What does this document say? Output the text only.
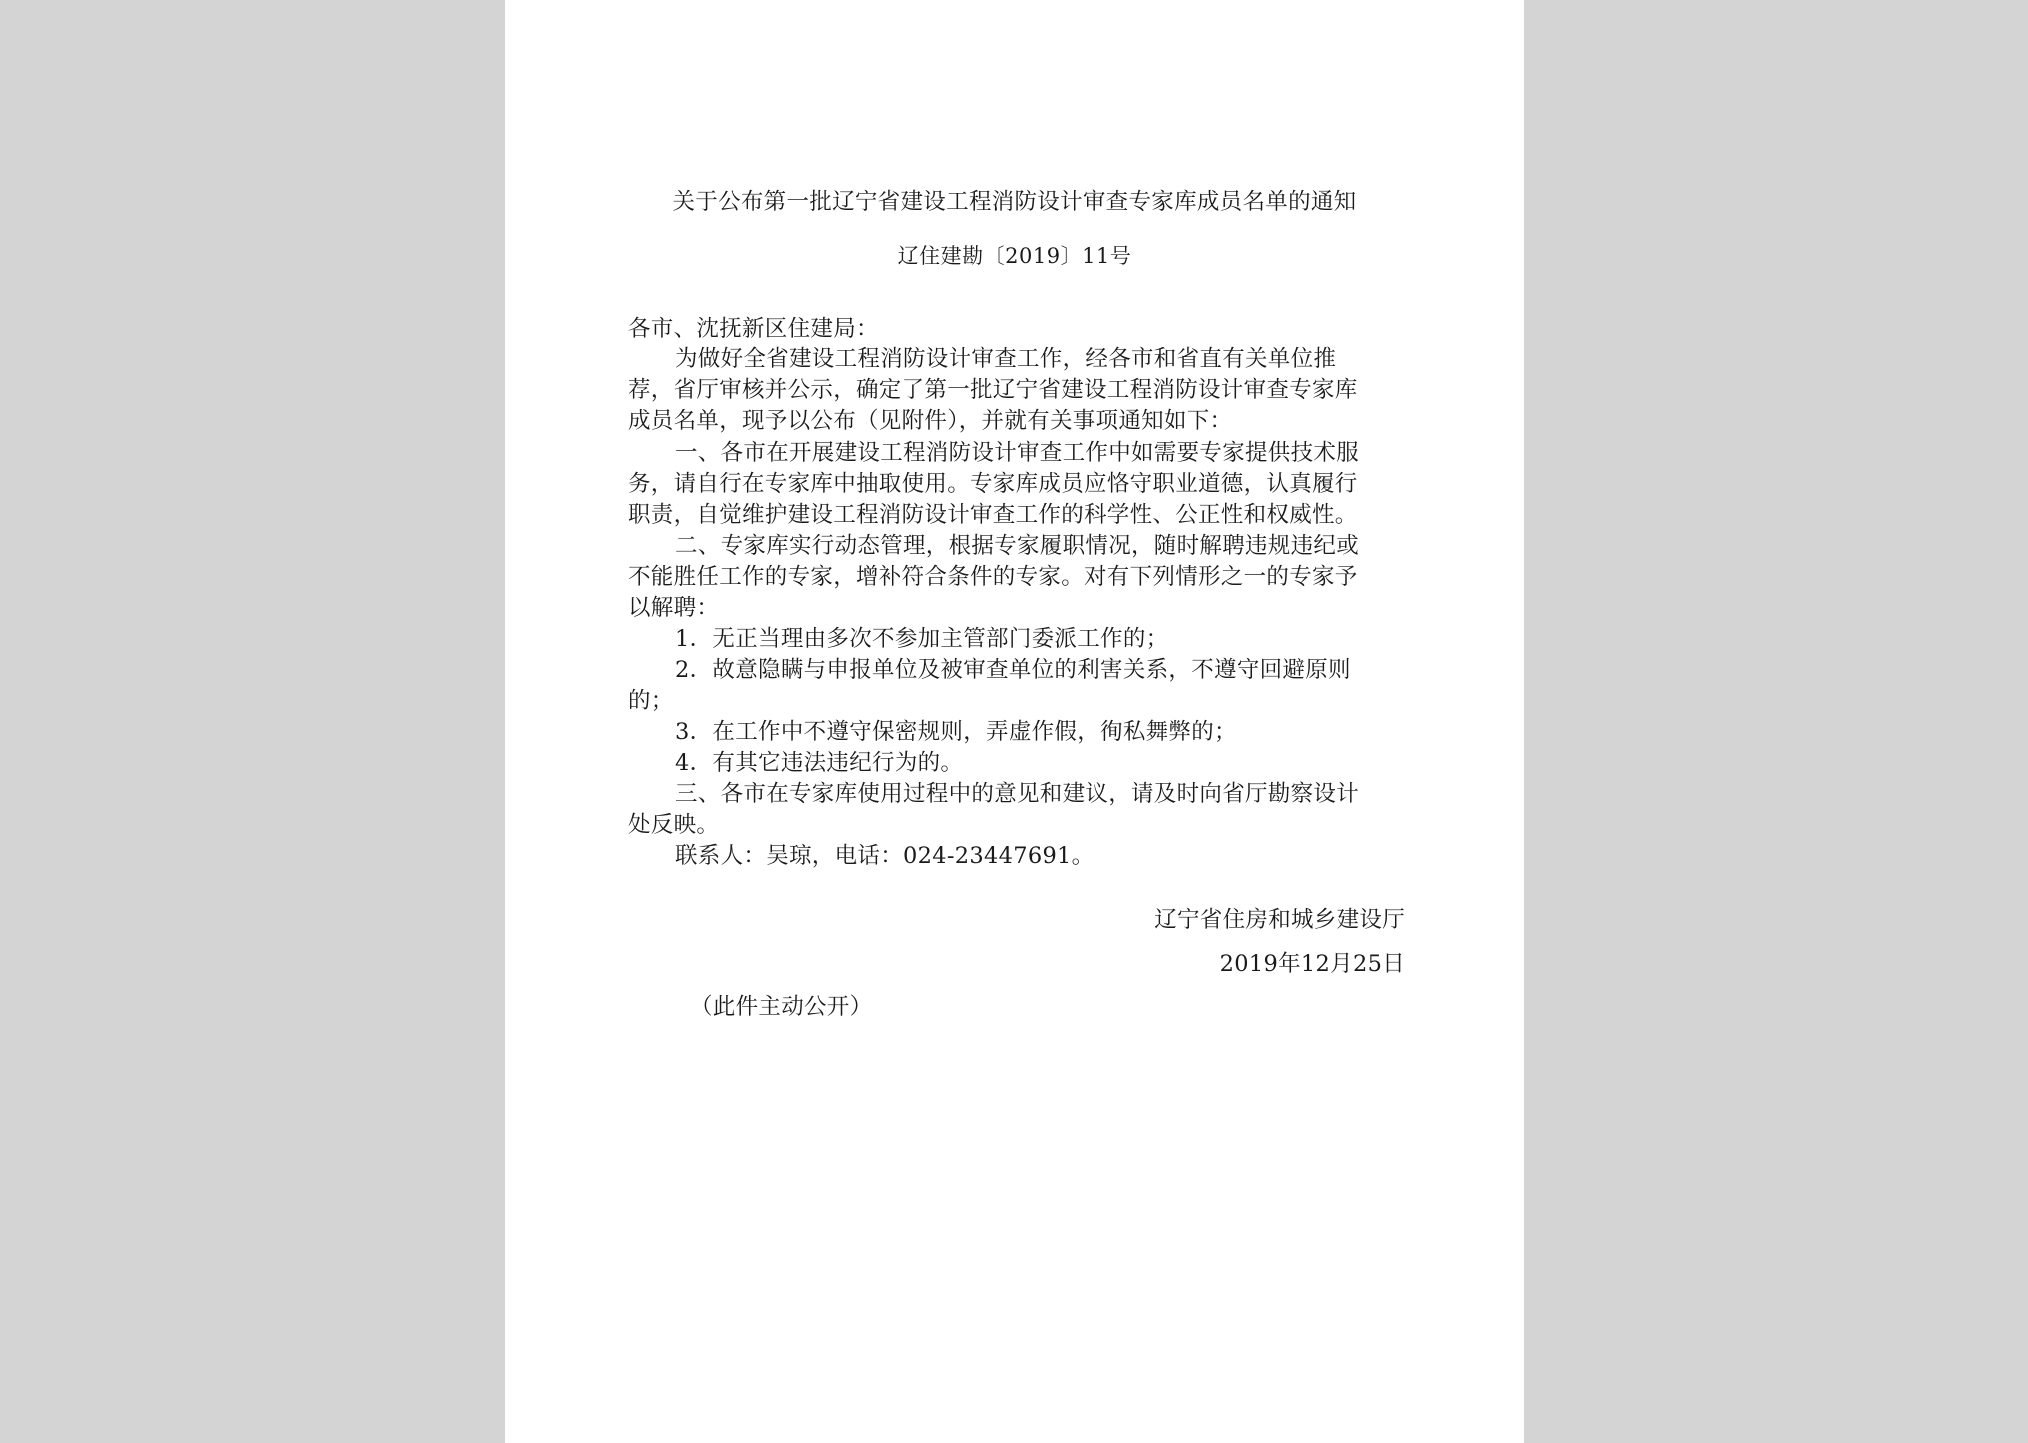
关于公布第一批辽宁省建设工程消防设计审查专家库成员名单的通知
辽住建勘〔2019〕11号
各市、沈抚新区住建局：
为做好全省建设工程消防设计审查工作，经各市和省直有关单位推
荐，省厅审核并公示，确定了第一批辽宁省建设工程消防设计审查专家库
成员名单，现予以公布（见附件），并就有关事项通知如下：
一、各市在开展建设工程消防设计审查工作中如需要专家提供技术服
务，请自行在专家库中抽取使用。专家库成员应恪守职业道德，认真履行
职责，自觉维护建设工程消防设计审查工作的科学性、公正性和权威性。
二、专家库实行动态管理，根据专家履职情况，随时解聘违规违纪或
不能胜任工作的专家，增补符合条件的专家。对有下列情形之一的专家予
以解聘：
1．无正当理由多次不参加主管部门委派工作的；
2．故意隐瞒与申报单位及被审查单位的利害关系，不遵守回避原则
的；
3．在工作中不遵守保密规则，弄虚作假，徇私舞弊的；
4．有其它违法违纪行为的。
三、各市在专家库使用过程中的意见和建议，请及时向省厅勘察设计
处反映。
联系人：吴琼，电话：024-23447691。
辽宁省住房和城乡建设厅
2019年12月25日
（此件主动公开）
